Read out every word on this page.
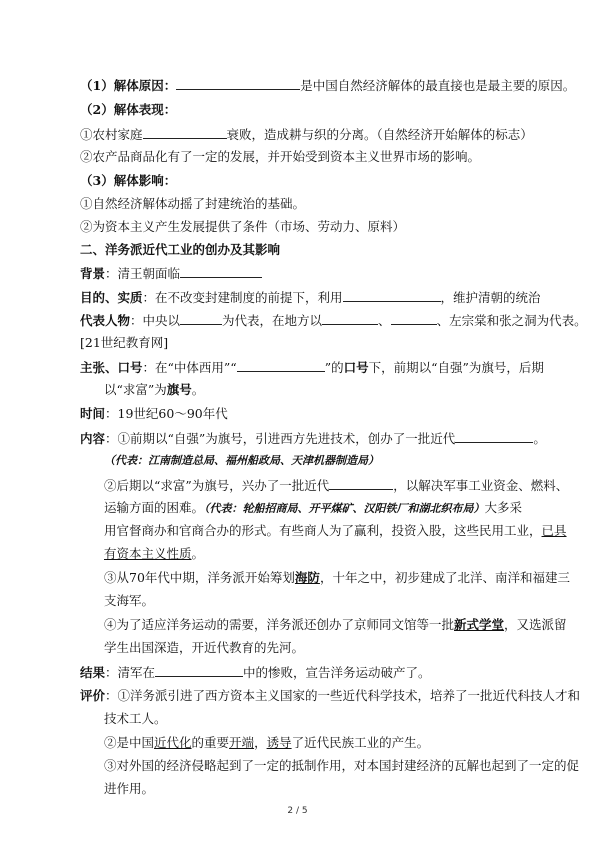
（1）解体原因：	是中国自然经济解体的最直接也是最主要的原因。
（2）解体表现：
①农村家庭	衰败，造成耕与织的分离。（自然经济开始解体的标志）
②农产品商品化有了一定的发展，并开始受到资本主义世界市场的影响。
（3）解体影响：
①自然经济解体动摇了封建统治的基础。
②为资本主义产生发展提供了条件（市场、劳动力、原料）
二、洋务派近代工业的创办及其影响
背景：清王朝面临
目的、实质：在不改变封建制度的前提下，利用	，维护清朝的统治
代表人物：中央以	为代表，在地方以	、	、左宗棠和张之洞为代表。
[21世纪教育网]
主张、口号：在“中体西用”“	”的口号下，前期以“自强”为旗号，后期
以“求富”为旗号。
时间：19世纪60～90年代
内容：①前期以“自强”为旗号，引进西方先进技术，创办了一批近代	。
（代表：江南制造总局、福州船政局、天津机器制造局）
②后期以“求富”为旗号，兴办了一批近代	，以解决军事工业资金、燃料、
运输方面的困难。（代表：轮船招商局、开平煤矿、汉阳铁厂和湖北织布局）大多采
用官督商办和官商合办的形式。有些商人为了赢利，投资入股，这些民用工业，已具
有资本主义性质。
③从70年代中期，洋务派开始筹划海防，十年之中，初步建成了北洋、南洋和福建三
支海军。
④为了适应洋务运动的需要，洋务派还创办了京师同文馆等一批新式学堂，又选派留
学生出国深造，开近代教育的先河。
结果：清军在	中的惨败，宣告洋务运动破产了。
评价：①洋务派引进了西方资本主义国家的一些近代科学技术，培养了一批近代科技人才和
技术工人。
②是中国近代化的重要开端，诱导了近代民族工业的产生。
③对外国的经济侵略起到了一定的抵制作用，对本国封建经济的瓦解也起到了一定的促
进作用。
2 / 5
